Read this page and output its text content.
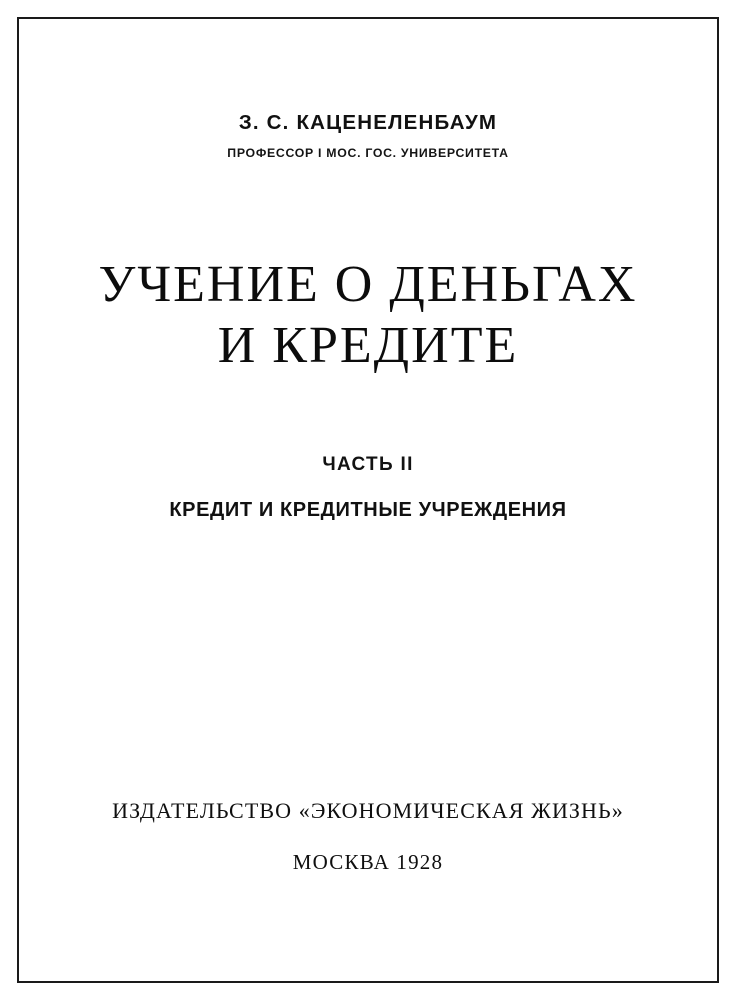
З. С. КАЦЕНЕЛЕНБАУМ
ПРОФЕССОР I МОС. ГОС. УНИВЕРСИТЕТА
УЧЕНИЕ О ДЕНЬГАХ
И КРЕДИТЕ
ЧАСТЬ II
КРЕДИТ И КРЕДИТНЫЕ УЧРЕЖДЕНИЯ
ИЗДАТЕЛЬСТВО «ЭКОНОМИЧЕСКАЯ ЖИЗНЬ»
МОСКВА 1928
